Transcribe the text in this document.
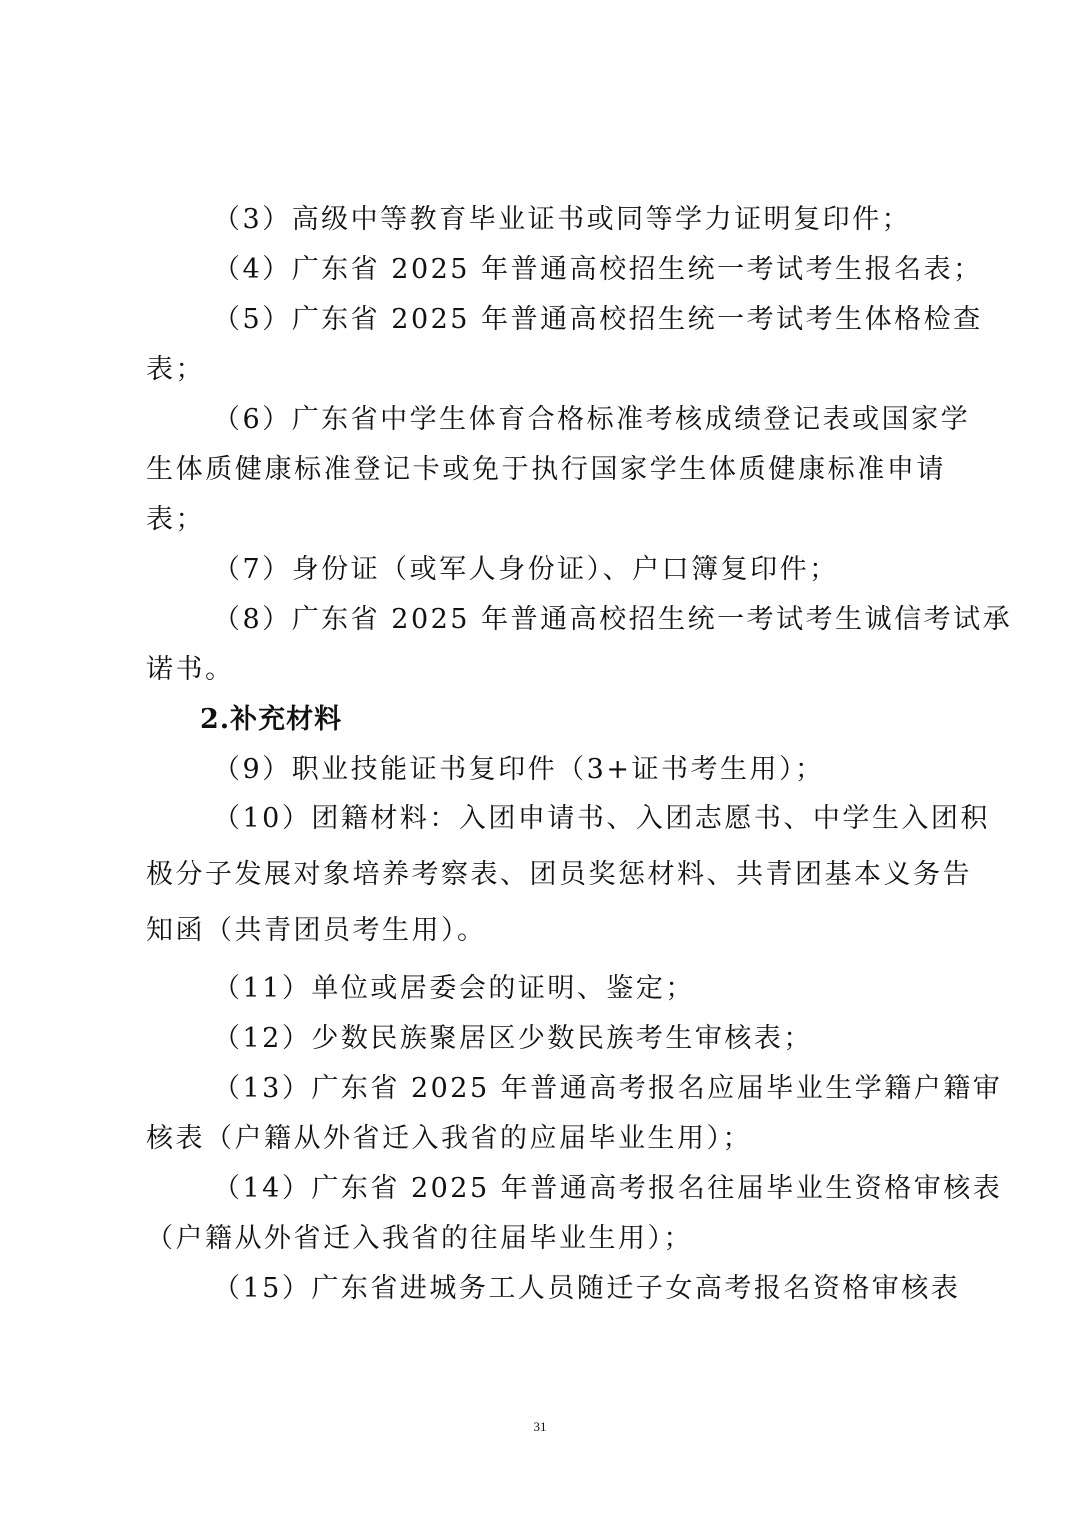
（3）高级中等教育毕业证书或同等学力证明复印件；
（4）广东省 2025 年普通高校招生统一考试考生报名表；
（5）广东省 2025 年普通高校招生统一考试考生体格检查
表；
（6）广东省中学生体育合格标准考核成绩登记表或国家学
生体质健康标准登记卡或免于执行国家学生体质健康标准申请
表；
（7）身份证（或军人身份证）、户口簿复印件；
（8）广东省 2025 年普通高校招生统一考试考生诚信考试承
诺书。
2.补充材料
（9）职业技能证书复印件（3+证书考生用）；
（10）团籍材料：入团申请书、入团志愿书、中学生入团积
极分子发展对象培养考察表、团员奖惩材料、共青团基本义务告
知函（共青团员考生用）。
（11）单位或居委会的证明、鉴定；
（12）少数民族聚居区少数民族考生审核表；
（13）广东省 2025 年普通高考报名应届毕业生学籍户籍审
核表（户籍从外省迁入我省的应届毕业生用）；
（14）广东省 2025 年普通高考报名往届毕业生资格审核表
（户籍从外省迁入我省的往届毕业生用）；
（15）广东省进城务工人员随迁子女高考报名资格审核表
31
